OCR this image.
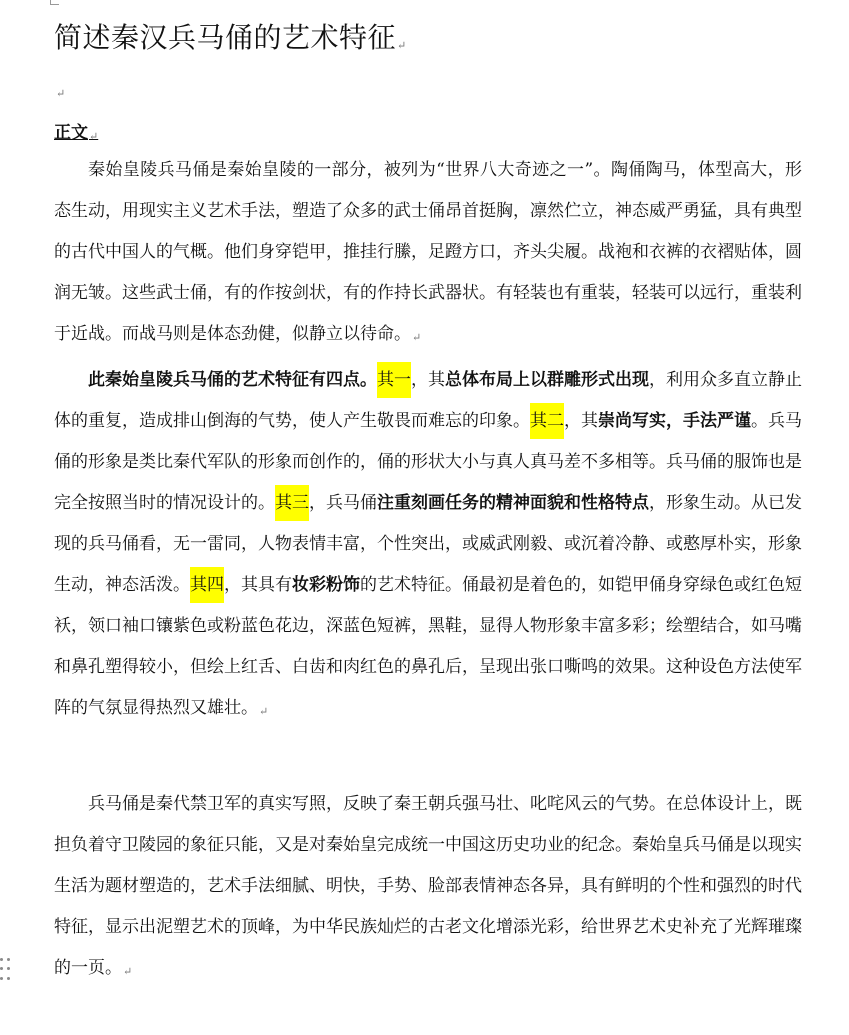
简述秦汉兵马俑的艺术特征↵
↵

正文↵

秦始皇陵兵马俑是秦始皇陵的一部分，被列为“世界八大奇迹之一”。陶俑陶马，体型高大，形态生动，用现实主义艺术手法，塑造了众多的武士俑昂首挺胸，凛然伫立，神态威严勇猛，具有典型的古代中国人的气概。他们身穿铠甲，推挂行縢，足蹬方口，齐头尖履。战袍和衣裤的衣褶贴体，圆润无皱。这些武士俑，有的作按剑状，有的作持长武器状。有轻装也有重装，轻装可以远行，重装利于近战。而战马则是体态劲健，似静立以待命。↵

此秦始皇陵兵马俑的艺术特征有四点。其一，其总体布局上以群雕形式出现，利用众多直立静止体的重复，造成排山倒海的气势，使人产生敬畏而难忘的印象。其二，其崇尚写实，手法严谨。兵马俑的形象是类比秦代军队的形象而创作的，俑的形状大小与真人真马差不多相等。兵马俑的服饰也是完全按照当时的情况设计的。其三，兵马俑注重刻画任务的精神面貌和性格特点，形象生动。从已发现的兵马俑看，无一雷同，人物表情丰富，个性突出，或威武刚毅、或沉着冷静、或憨厚朴实，形象生动，神态活泼。其四，其具有妆彩粉饰的艺术特征。俑最初是着色的，如铠甲俑身穿绿色或红色短袄，领口袖口镶紫色或粉蓝色花边，深蓝色短裤，黑鞋，显得人物形象丰富多彩；绘塑结合，如马嘴和鼻孔塑得较小，但绘上红舌、白齿和肉红色的鼻孔后，呈现出张口嘶鸣的效果。这种设色方法使军阵的气氛显得热烈又雄壮。↵

兵马俑是秦代禁卫军的真实写照，反映了秦王朝兵强马壮、叱咤风云的气势。在总体设计上，既担负着守卫陵园的象征只能，又是对秦始皇完成统一中国这历史功业的纪念。秦始皇兵马俑是以现实生活为题材塑造的，艺术手法细腻、明快，手势、脸部表情神态各异，具有鲜明的个性和强烈的时代特征，显示出泥塑艺术的顶峰，为中华民族灿烂的古老文化增添光彩，给世界艺术史补充了光辉璀璨的一页。↵
